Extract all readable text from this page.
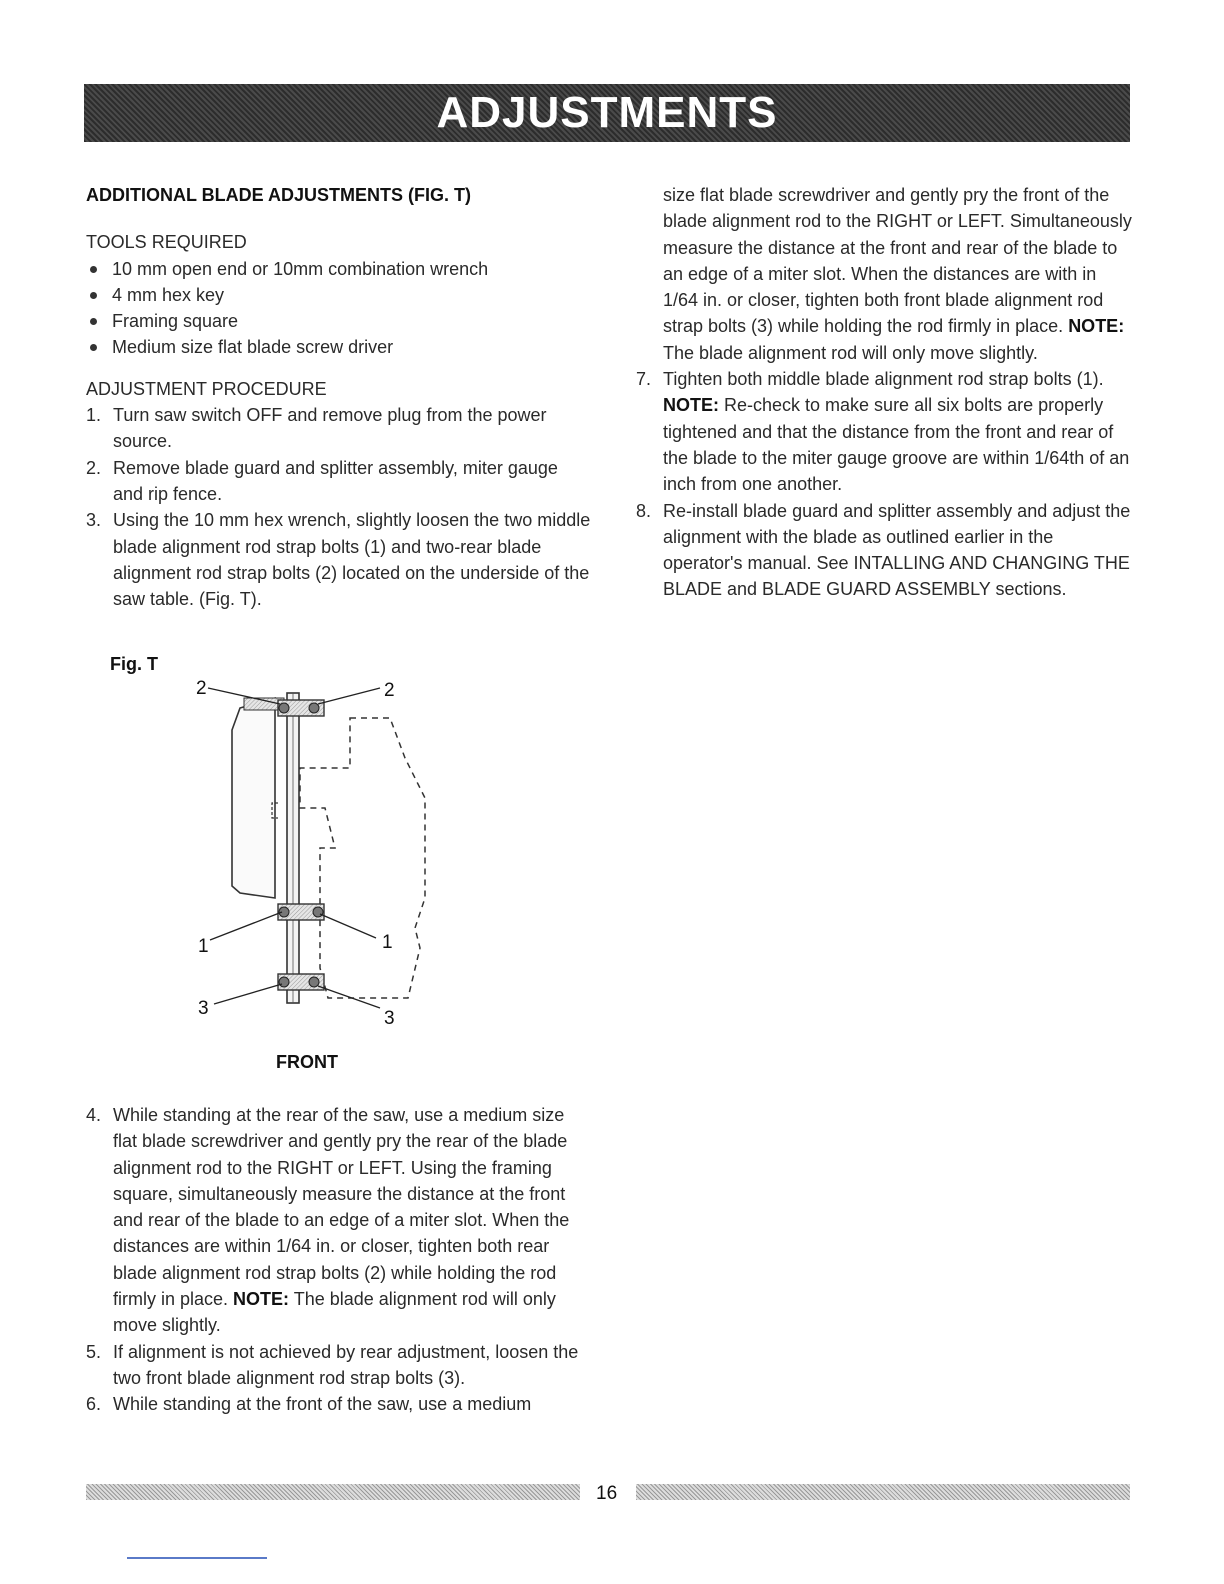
ADJUSTMENTS
ADDITIONAL BLADE ADJUSTMENTS (FIG. T)
TOOLS REQUIRED
10 mm open end or 10mm combination wrench
4 mm hex key
Framing square
Medium size flat blade screw driver
ADJUSTMENT PROCEDURE
1. Turn saw switch OFF and remove plug from the power source.
2. Remove blade guard and splitter assembly, miter gauge and rip fence.
3. Using the 10 mm hex wrench, slightly loosen the two middle blade alignment rod strap bolts (1) and two-rear blade alignment rod strap bolts (2) located on the underside of the saw table. (Fig. T).
Fig. T
2	2
1	1
3	3
FRONT
4. While standing at the rear of the saw, use a medium size flat blade screwdriver and gently pry the rear of the blade alignment rod to the RIGHT or LEFT. Using the framing square, simultaneously measure the distance at the front and rear of the blade to an edge of a miter slot. When the distances are within 1/64 in. or closer, tighten both rear blade alignment rod strap bolts (2) while holding the rod firmly in place. NOTE: The blade alignment rod will only move slightly.
5. If alignment is not achieved by rear adjustment, loosen the two front blade alignment rod strap bolts (3).
6. While standing at the front of the saw, use a medium
size flat blade screwdriver and gently pry the front of the blade alignment rod to the RIGHT or LEFT. Simultaneously measure the distance at the front and rear of the blade to an edge of a miter slot. When the distances are with in 1/64 in. or closer, tighten both front blade alignment rod strap bolts (3) while holding the rod firmly in place. NOTE: The blade alignment rod will only move slightly.
7. Tighten both middle blade alignment rod strap bolts (1). NOTE: Re-check to make sure all six bolts are properly tightened and that the distance from the front and rear of the blade to the miter gauge groove are within 1/64th of an inch from one another.
8. Re-install blade guard and splitter assembly and adjust the alignment with the blade as outlined earlier in the operator's manual. See INTALLING AND CHANGING THE BLADE and BLADE GUARD ASSEMBLY sections.
16
